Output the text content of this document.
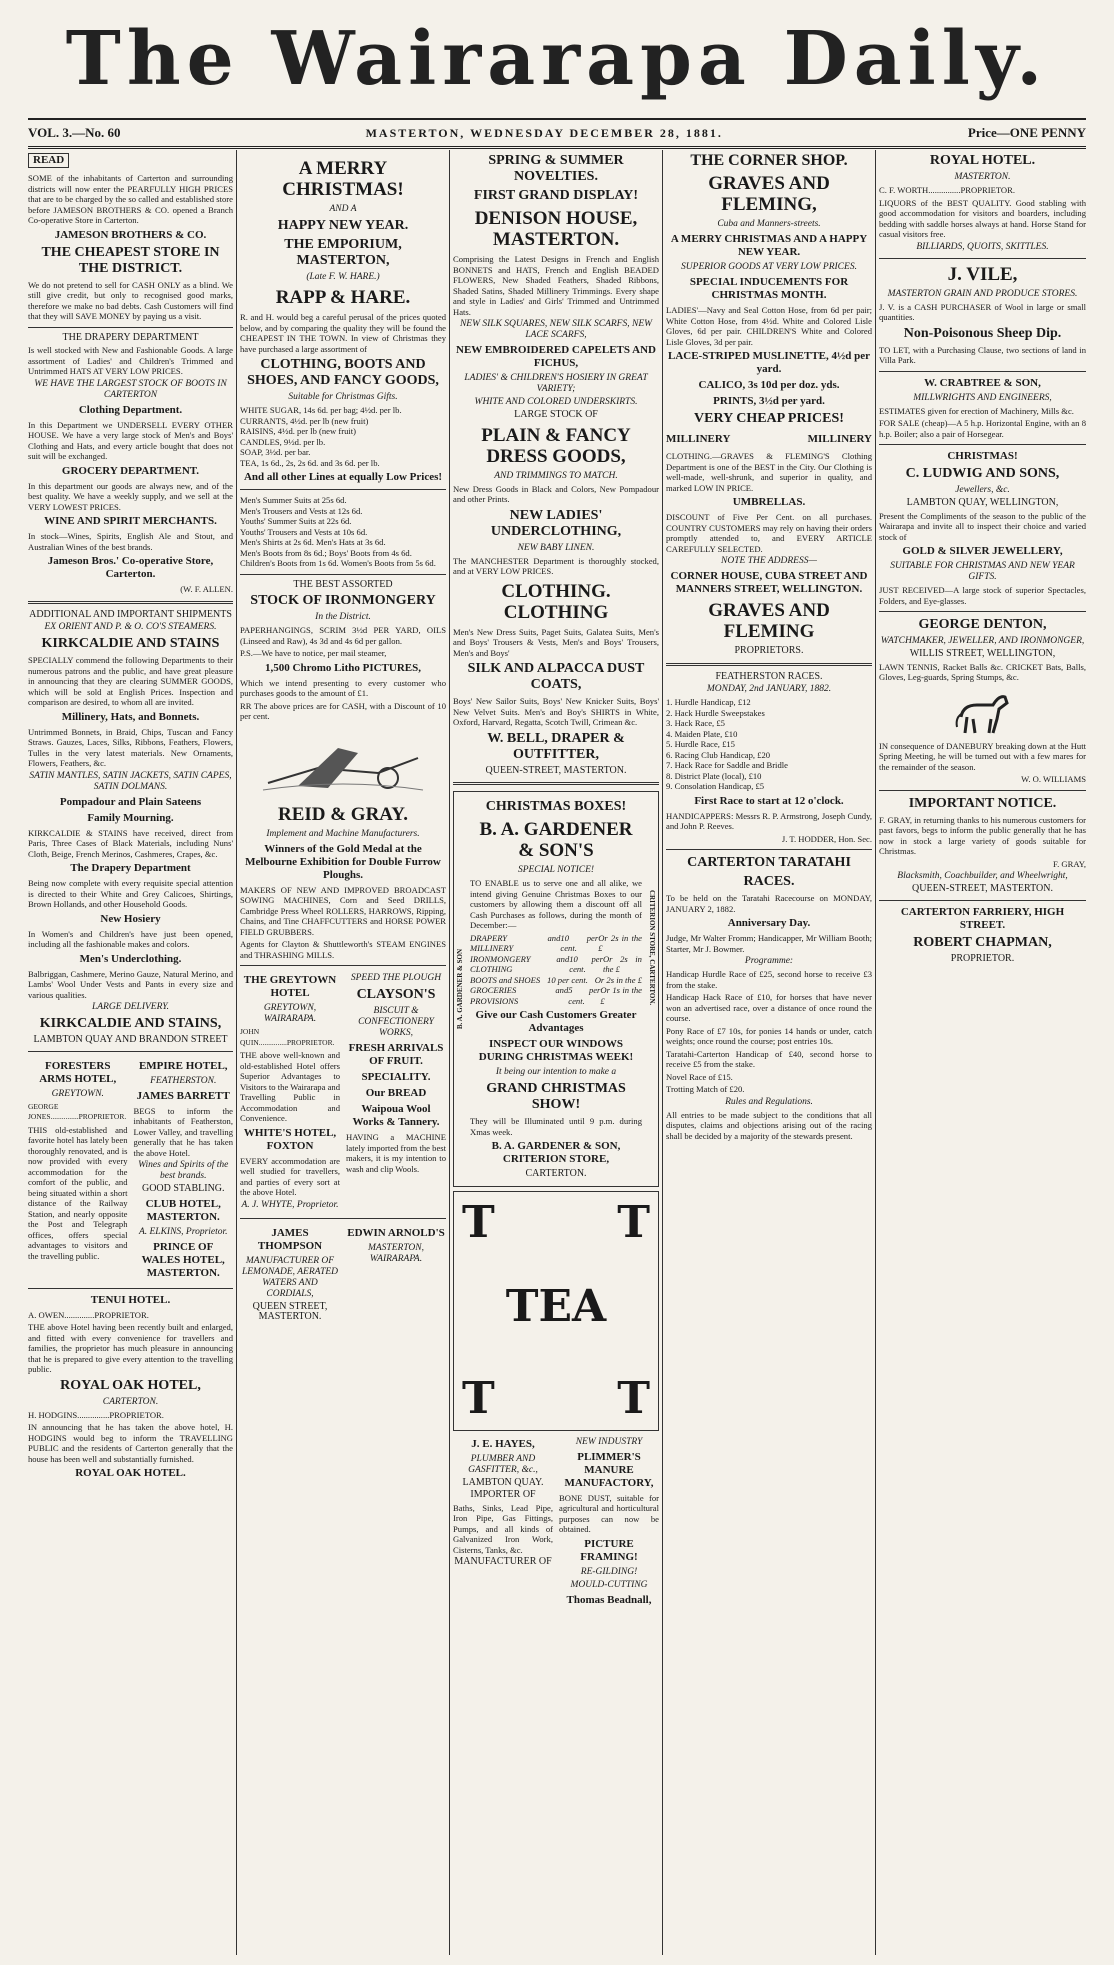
The Wairarapa Daily.
VOL. 3.—No. 60	MASTERTON, WEDNESDAY DECEMBER 28, 1881.	Price—ONE PENNY
READ

SOME of the inhabitants of Carterton and surrounding districts will now enter the PEARFULLY HIGH PRICES that are to be charged by the so called and established store before JAMESON BROTHERS & CO. opened a Branch Co-operative Store in Carterton.

JAMESON BROTHERS & CO.
THE CHEAPEST STORE IN THE DISTRICT.

We do not pretend to sell for CASH ONLY as a blind. We still give credit, but only to recognised good marks, therefore we make no bad debts. Cash Customers will find that they will SAVE MONEY by paying us a visit.

THE DRAPERY DEPARTMENT

Is well stocked with New and Fashionable Goods. A large assortment of Ladies' and Children's Trimmed and Untrimmed HATS AT VERY LOW PRICES.

WE HAVE THE LARGEST STOCK OF BOOTS IN CARTERTON
Clothing Department.

In this Department we UNDERSELL EVERY OTHER HOUSE. We have a very large stock of Men's and Boys' Clothing and Hats, and every article bought that does not suit will be exchanged.

GROCERY DEPARTMENT.

In this department our goods are always new, and of the best quality. We have a weekly supply, and we sell at the VERY LOWEST PRICES.

WINE AND SPIRIT MERCHANTS.

In stock—Wines, Spirits, English Ale and Stout, and Australian Wines of the best brands.

Jameson Bros.' Co-operative Store, Carterton.
(W. F. ALLEN.
ADDITIONAL AND IMPORTANT SHIPMENTS
EX ORIENT AND P. & O. CO'S STEAMERS.
KIRKCALDIE AND STAINS

SPECIALLY commend the following Departments to their numerous patrons and the public, and have great pleasure in announcing that they are clearing SUMMER GOODS, which will be sold at English Prices. Inspection and comparison are desired, to whom all are invited.

Millinery, Hats, and Bonnets.

Untrimmed Bonnets, in Braid, Chips, Tuscan and Fancy Straws. Gauzes, Laces, Silks, Ribbons, Feathers, Flowers, Tulles in the very latest materials. New Ornaments, Flowers, Feathers, &c.

SATIN MANTLES, SATIN JACKETS, SATIN CAPES, SATIN DOLMANS.
Pompadour and Plain Sateens
Family Mourning.

KIRKCALDIE & STAINS have received, direct from Paris, Three Cases of Black Materials, including Nuns' Cloth, Beige, French Merinos, Cashmeres, Crapes, &c.

The Drapery Department

Being now complete with every requisite special attention is directed to their White and Grey Calicoes, Shirtings, Brown Hollands, and other Household Goods.

New Hosiery

In Women's and Children's have just been opened, including all the fashionable makes and colors.

Men's Underclothing.

Balbriggan, Cashmere, Merino Gauze, Natural Merino, and Lambs' Wool Under Vests and Pants in every size and various qualities.

LARGE DELIVERY.
KIRKCALDIE AND STAINS,
LAMBTON QUAY AND BRANDON STREET
FORESTERS ARMS HOTEL,
GREYTOWN.
GEORGE JONES...............PROPRIETOR.

THIS old-established and favorite hotel has lately been thoroughly renovated, and is now provided with every accommodation for the comfort of the public, and being situated within a short distance of the Railway Station, and nearly opposite the Post and Telegraph offices, offers special advantages to visitors and the travelling public.

EMPIRE HOTEL,
FEATHERSTON.
JAMES BARRETT

BEGS to inform the inhabitants of Featherston, Lower Valley, and travelling generally that he has taken the above Hotel.

Wines and Spirits of the best brands.
GOOD STABLING.
CLUB HOTEL, MASTERTON.
A. ELKINS, Proprietor.
PRINCE OF WALES HOTEL, MASTERTON.
TENUI HOTEL.
A. OWEN..............PROPRIETOR.

THE above Hotel having been recently built and enlarged, and fitted with every convenience for travellers and families, the proprietor has much pleasure in announcing that he is prepared to give every attention to the travelling public.

ROYAL OAK HOTEL,
CARTERTON.
H. HODGINS...............PROPRIETOR.

IN announcing that he has taken the above hotel, H. HODGINS would beg to inform the TRAVELLING PUBLIC and the residents of Carterton generally that the house has been well and substantially furnished.

ROYAL OAK HOTEL.
A MERRY CHRISTMAS!
AND A
HAPPY NEW YEAR.
THE EMPORIUM, MASTERTON,
(Late F. W. HARE.)
RAPP & HARE.

R. and H. would beg a careful perusal of the prices quoted below, and by comparing the quality they will be found the CHEAPEST IN THE TOWN. In view of Christmas they have purchased a large assortment of

CLOTHING, BOOTS AND SHOES, AND FANCY GOODS,
Suitable for Christmas Gifts.
WHITE SUGAR, 14s 6d. per bag; 4½d. per lb.
CURRANTS, 4½d. per lb (new fruit)
RAISINS, 4½d. per lb (new fruit)
CANDLES, 9½d. per lb.
SOAP, 3½d. per bar.
TEA, 1s 6d., 2s, 2s 6d. and 3s 6d. per lb.
And all other Lines at equally Low Prices!
Men's Summer Suits at 25s 6d.
Men's Trousers and Vests at 12s 6d.
Youths' Summer Suits at 22s 6d.
Youths' Trousers and Vests at 10s 6d.
Men's Shirts at 2s 6d. Men's Hats at 3s 6d.
Men's Boots from 8s 6d.; Boys' Boots from 4s 6d.
Children's Boots from 1s 6d. Women's Boots from 5s 6d.
THE BEST ASSORTED
STOCK OF IRONMONGERY
In the District.

PAPERHANGINGS, SCRIM 3½d PER YARD, OILS (Linseed and Raw), 4s 3d and 4s 6d per gallon.

P.S.—We have to notice, per mail steamer,

1,500 Chromo Litho PICTURES,

Which we intend presenting to every customer who purchases goods to the amount of £1.

RR The above prices are for CASH, with a Discount of 10 per cent.

REID & GRAY.
Implement and Machine Manufacturers.
Winners of the Gold Medal at the Melbourne Exhibition for Double Furrow Ploughs.

MAKERS OF NEW AND IMPROVED BROADCAST SOWING MACHINES, Corn and Seed DRILLS, Cambridge Press Wheel ROLLERS, HARROWS, Ripping, Chains, and Tine CHAFFCUTTERS and HORSE POWER FIELD GRUBBERS.

Agents for Clayton & Shuttleworth's STEAM ENGINES and THRASHING MILLS.

THE GREYTOWN HOTEL
GREYTOWN, WAIRARAPA.
JOHN QUIN...............PROPRIETOR.

THE above well-known and old-established Hotel offers Superior Advantages to Visitors to the Wairarapa and Travelling Public in Accommodation and Convenience.

WHITE'S HOTEL, FOXTON

EVERY accommodation are well studied for travellers, and parties of every sort at the above Hotel.

A. J. WHYTE, Proprietor.
SPEED THE PLOUGH
CLAYSON'S
BISCUIT & CONFECTIONERY WORKS,
FRESH ARRIVALS OF FRUIT.
SPECIALITY.
Our BREAD
Waipoua Wool Works & Tannery.

HAVING a MACHINE lately imported from the best makers, it is my intention to wash and clip Wools.

JAMES THOMPSON
MANUFACTURER OF LEMONADE, AERATED WATERS AND CORDIALS,
QUEEN STREET, MASTERTON.
EDWIN ARNOLD'S
MASTERTON, WAIRARAPA.
SPRING & SUMMER NOVELTIES.
FIRST GRAND DISPLAY!
DENISON HOUSE, MASTERTON.

Comprising the Latest Designs in French and English BONNETS and HATS, French and English BEADED FLOWERS, New Shaded Feathers, Shaded Ribbons, Shaded Satins, Shaded Millinery Trimmings. Every shape and style in Ladies' and Girls' Trimmed and Untrimmed Hats.

NEW SILK SQUARES, NEW SILK SCARFS, NEW LACE SCARFS,
NEW EMBROIDERED CAPELETS AND FICHUS,
LADIES' & CHILDREN'S HOSIERY IN GREAT VARIETY;
WHITE AND COLORED UNDERSKIRTS.
LARGE STOCK OF
PLAIN & FANCY DRESS GOODS,
AND TRIMMINGS TO MATCH.

New Dress Goods in Black and Colors, New Pompadour and other Prints.

NEW LADIES' UNDERCLOTHING,
NEW BABY LINEN.

The MANCHESTER Department is thoroughly stocked, and at VERY LOW PRICES.

CLOTHING. CLOTHING

Men's New Dress Suits, Paget Suits, Galatea Suits, Men's and Boys' Trousers & Vests, Men's and Boys' Trousers, Men's and Boys'

SILK AND ALPACCA DUST COATS,

Boys' New Sailor Suits, Boys' New Knicker Suits, Boys' New Velvet Suits. Men's and Boy's SHIRTS in White, Oxford, Harvard, Regatta, Scotch Twill, Crimean &c.

W. BELL, DRAPER & OUTFITTER,
QUEEN-STREET, MASTERTON.
B. A. GARDENER & SON	CRITERION STORE, CARTERTON.
CHRISTMAS BOXES!
B. A. GARDENER & SON'S
SPECIAL NOTICE!

TO ENABLE us to serve one and all alike, we intend giving Genuine Christmas Boxes to our customers by allowing them a discount off all Cash Purchases as follows, during the month of December:—

DRAPERY and MILLINERY
10 per cent.
Or 2s in the £
IRONMONGERY and CLOTHING
10 per cent.
Or 2s in the £
BOOTS and SHOES 10 per cent. Or 2s in the £
GROCERIES and PROVISIONS
5 per cent.
Or 1s in the £
Give our Cash Customers Greater Advantages
INSPECT OUR WINDOWS DURING CHRISTMAS WEEK!
It being our intention to make a
GRAND CHRISTMAS SHOW!

They will be Illuminated until 9 p.m. during Xmas week.

B. A. GARDENER & SON, CRITERION STORE,
CARTERTON.
T	T
TEA
T	T
J. E. HAYES,
PLUMBER AND GASFITTER, &c.,
LAMBTON QUAY.
IMPORTER OF

Baths, Sinks, Lead Pipe, Iron Pipe, Gas Fittings, Pumps, and all kinds of Galvanized Iron Work, Cisterns, Tanks, &c.

MANUFACTURER OF
NEW INDUSTRY
PLIMMER'S MANURE MANUFACTORY,

BONE DUST, suitable for agricultural and horticultural purposes can now be obtained.

PICTURE FRAMING!
RE-GILDING!
MOULD-CUTTING
Thomas Beadnall,
THE CORNER SHOP.
GRAVES AND FLEMING,
Cuba and Manners-streets.
A MERRY CHRISTMAS AND A HAPPY NEW YEAR.
SUPERIOR GOODS AT VERY LOW PRICES.
SPECIAL INDUCEMENTS FOR CHRISTMAS MONTH.

LADIES'—Navy and Seal Cotton Hose, from 6d per pair; White Cotton Hose, from 4½d. White and Colored Lisle Gloves, 6d per pair. CHILDREN'S White and Colored Lisle Gloves, 3d per pair.

LACE-STRIPED MUSLINETTE, 4½d per yard.
CALICO, 3s 10d per doz. yds.
PRINTS, 3½d per yard.
VERY CHEAP PRICES!
MILLINERY	MILLINERY

CLOTHING.—GRAVES & FLEMING'S Clothing Department is one of the BEST in the City. Our Clothing is well-made, well-shrunk, and superior in quality, and marked LOW IN PRICE.

UMBRELLAS.

DISCOUNT of Five Per Cent. on all purchases. COUNTRY CUSTOMERS may rely on having their orders promptly attended to, and EVERY ARTICLE CAREFULLY SELECTED.

NOTE THE ADDRESS—
CORNER HOUSE, CUBA STREET AND MANNERS STREET, WELLINGTON.
GRAVES AND FLEMING
PROPRIETORS.
FEATHERSTON RACES.
MONDAY, 2nd JANUARY, 1882.
1. Hurdle Handicap, £12
2. Hack Hurdle Sweepstakes
3. Hack Race, £5
4. Maiden Plate, £10
5. Hurdle Race, £15
6. Racing Club Handicap, £20
7. Hack Race for Saddle and Bridle
8. District Plate (local), £10
9. Consolation Handicap, £5
First Race to start at 12 o'clock.

HANDICAPPERS: Messrs R. P. Armstrong, Joseph Cundy, and John P. Reeves.

J. T. HODDER, Hon. Sec.
CARTERTON TARATAHI
RACES.

To be held on the Taratahi Racecourse on MONDAY, JANUARY 2, 1882.

Anniversary Day.

Judge, Mr Walter Fromm; Handicapper, Mr William Booth; Starter, Mr J. Bowmer.

Programme:

Handicap Hurdle Race of £25, second horse to receive £3 from the stake.

Handicap Hack Race of £10, for horses that have never won an advertised race, over a distance of once round the course.

Pony Race of £7 10s, for ponies 14 hands or under, catch weights; once round the course; post entries 10s.

Taratahi-Carterton Handicap of £40, second horse to receive £5 from the stake.

Novel Race of £15.

Trotting Match of £20.

Rules and Regulations.

All entries to be made subject to the conditions that all disputes, claims and objections arising out of the racing shall be decided by a majority of the stewards present.

ROYAL HOTEL.
MASTERTON.
C. F. WORTH...............PROPRIETOR.

LIQUORS of the BEST QUALITY. Good stabling with good accommodation for visitors and boarders, including bedding with saddle horses always at hand. Horse Stand for casual visitors free.

BILLIARDS, QUOITS, SKITTLES.
J. VILE,
MASTERTON GRAIN AND PRODUCE STORES.

J. V. is a CASH PURCHASER of Wool in large or small quantities.

Non-Poisonous Sheep Dip.

TO LET, with a Purchasing Clause, two sections of land in Villa Park.

W. CRABTREE & SON,
MILLWRIGHTS AND ENGINEERS,

ESTIMATES given for erection of Machinery, Mills &c.

FOR SALE (cheap)—A 5 h.p. Horizontal Engine, with an 8 h.p. Boiler; also a pair of Horsegear.

CHRISTMAS!
C. LUDWIG AND SONS,
Jewellers, &c.
LAMBTON QUAY, WELLINGTON,

Present the Compliments of the season to the public of the Wairarapa and invite all to inspect their choice and varied stock of

GOLD & SILVER JEWELLERY,
SUITABLE FOR CHRISTMAS AND NEW YEAR GIFTS.

JUST RECEIVED—A large stock of superior Spectacles, Folders, and Eye-glasses.

GEORGE DENTON,
WATCHMAKER, JEWELLER, AND IRONMONGER,
WILLIS STREET, WELLINGTON,

LAWN TENNIS, Racket Balls &c. CRICKET Bats, Balls, Gloves, Leg-guards, Spring Stumps, &c.

IN consequence of DANEBURY breaking down at the Hutt Spring Meeting, he will be turned out with a few mares for the remainder of the season.

W. O. WILLIAMS
IMPORTANT NOTICE.

F. GRAY, in returning thanks to his numerous customers for past favors, begs to inform the public generally that he has now in stock a large variety of goods suitable for Christmas.

F. GRAY,
Blacksmith, Coachbuilder, and Wheelwright,
QUEEN-STREET, MASTERTON.
CARTERTON FARRIERY, HIGH STREET.
ROBERT CHAPMAN,
PROPRIETOR.
